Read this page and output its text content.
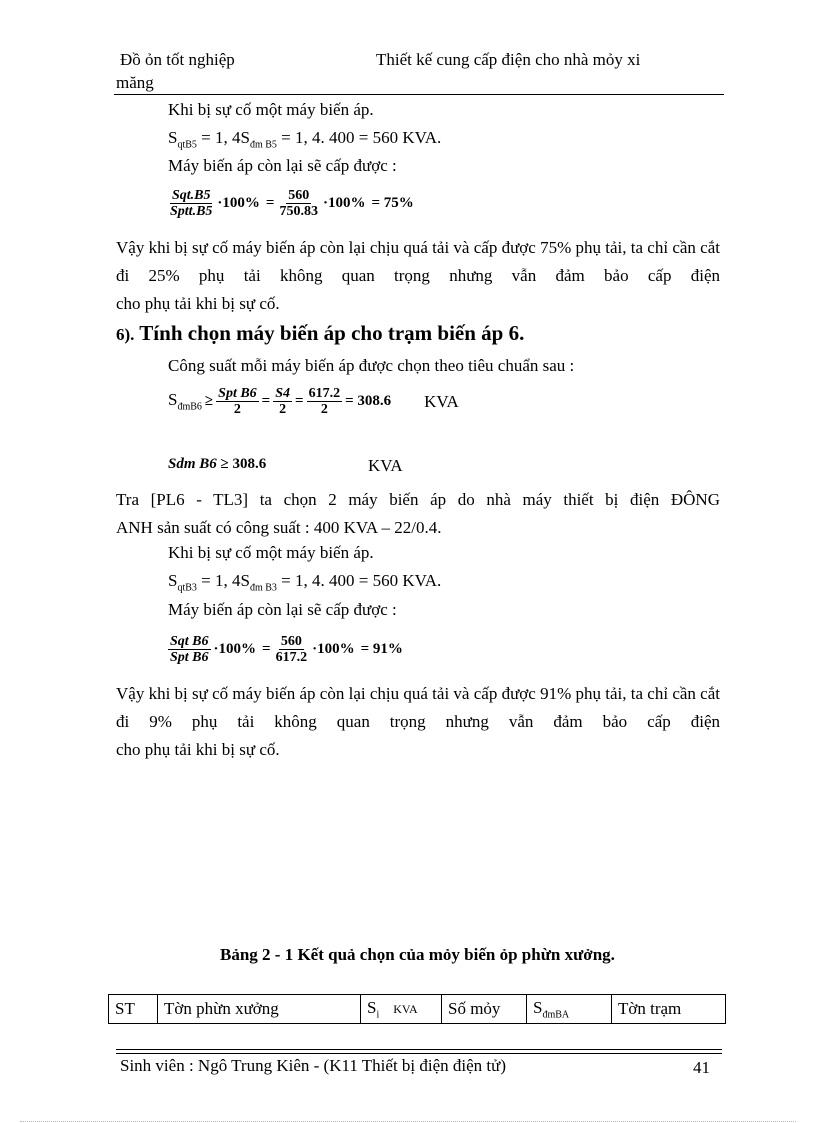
Đồ ỏn tốt nghiệp	Thiết kế cung cấp điện cho nhà mỏy xi
măng
Khi bị sự cố một máy biến áp.
$S_{qtB5} = 1$, $4S_{đm B5} = 1$, 4. 400 = 560 KVA.
Máy biến áp còn lại sẽ cấp được :
$\frac{\text{Sqt.B5}}{\text{Sptt.B5}} \cdot 100\% = \frac{560}{750.83} \cdot 100\% = 75\%$
Vậy khi bị sự cố máy biến áp còn lại chịu quá tải và cấp được 75% phụ tải, ta chỉ cần cắt đi 25% phụ tải không quan trọng nhưng vẫn đảm bảo cấp điện
cho phụ tải khi bị sự cố.
6). Tính chọn máy biến áp cho trạm biến áp 6.
Công suất mỗi máy biến áp được chọn theo tiêu chuẩn sau :
$S_{đmB6} \ge \frac{\text{Spt B6}}{2} = \frac{S4}{2} = \frac{617.2}{2} = 308.6$ KVA
Sdm B6 ≥ 308.6	KVA
Tra [PL6 - TL3] ta chọn 2 máy biến áp do nhà máy thiết bị điện ĐÔNG
ANH sản suất có công suất : 400 KVA – 22/0.4.
Khi bị sự cố một máy biến áp.
$S_{qtB3} = 1$, $4S_{đm B3} = 1$, 4. 400 = 560 KVA.
Máy biến áp còn lại sẽ cấp được :
$\frac{\text{Sqt B6}}{\text{Spt B6}} \cdot 100\% = \frac{560}{617.2} \cdot 100\% = 91\%$
Vậy khi bị sự cố máy biến áp còn lại chịu quá tải và cấp được 91% phụ tải, ta chỉ cần cắt đi 9% phụ tải không quan trọng nhưng vẫn đảm bảo cấp điện
cho phụ tải khi bị sự cố.
Bảng 2 - 1 Kết quả chọn của mỏy biến ỏp phừn xưởng.
ST	Tờn phừn xưởng	$S_i$ KVA	Số mỏy	$S_{đmBA}$	Tờn trạm
Sinh viên : Ngô Trung Kiên - (K11 Thiết bị điện điện tử)	41
